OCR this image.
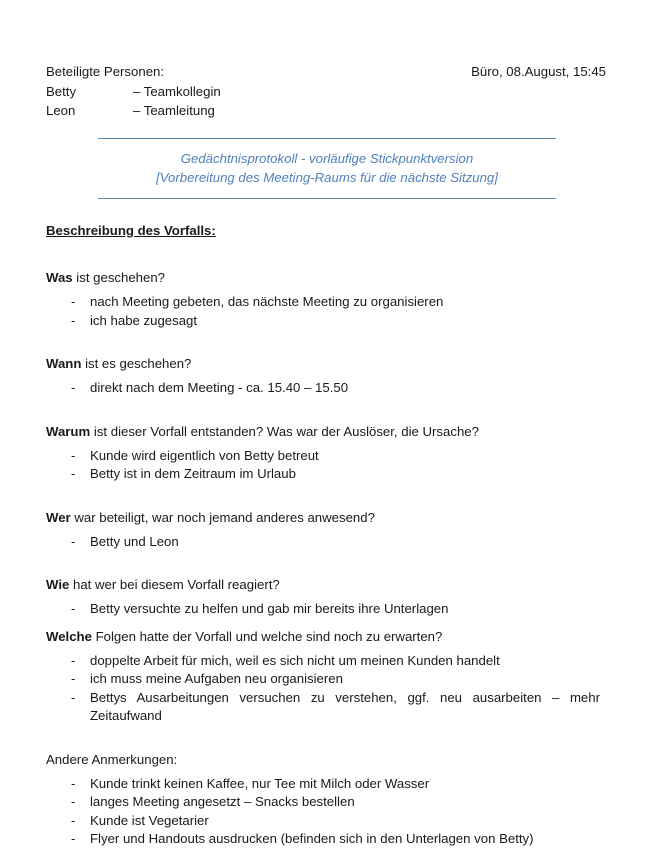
Beteiligte Personen:	Büro, 08.August, 15:45
Betty	– Teamkollegin
Leon	– Teamleitung
Gedächtnisprotokoll - vorläufige Stickpunktversion
[Vorbereitung des Meeting-Raums für die nächste Sitzung]
Beschreibung des Vorfalls:

Was ist geschehen?

- nach Meeting gebeten, das nächste Meeting zu organisieren
- ich habe zugesagt

Wann ist es geschehen?

- direkt nach dem Meeting - ca. 15.40 – 15.50

Warum ist dieser Vorfall entstanden? Was war der Auslöser, die Ursache?

- Kunde wird eigentlich von Betty betreut
- Betty ist in dem Zeitraum im Urlaub

Wer war beteiligt, war noch jemand anderes anwesend?

- Betty und Leon

Wie hat wer bei diesem Vorfall reagiert?

- Betty versuchte zu helfen und gab mir bereits ihre Unterlagen

Welche Folgen hatte der Vorfall und welche sind noch zu erwarten?

- doppelte Arbeit für mich, weil es sich nicht um meinen Kunden handelt
- ich muss meine Aufgaben neu organisieren
- Bettys Ausarbeitungen versuchen zu verstehen, ggf. neu ausarbeiten – mehr Zeitaufwand

Andere Anmerkungen:

- Kunde trinkt keinen Kaffee, nur Tee mit Milch oder Wasser
- langes Meeting angesetzt – Snacks bestellen
- Kunde ist Vegetarier
- Flyer und Handouts ausdrucken (befinden sich in den Unterlagen von Betty)
